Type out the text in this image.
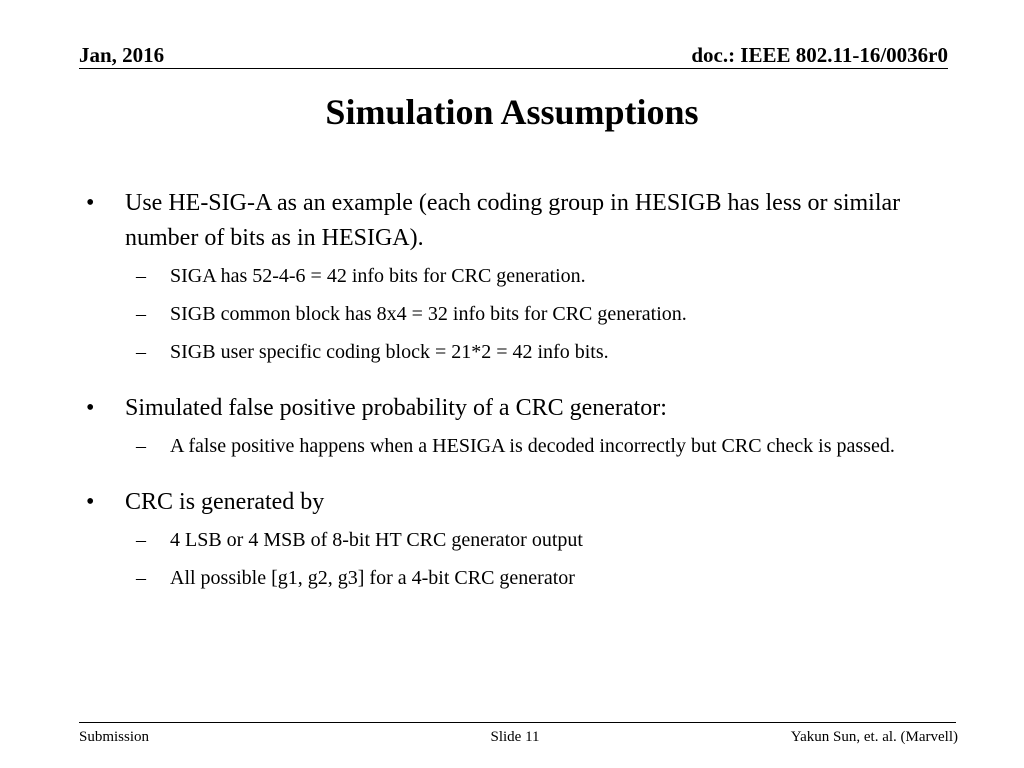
Jan, 2016	doc.: IEEE 802.11-16/0036r0
Simulation Assumptions
• Use HE-SIG-A as an example (each coding group in HESIGB has less or similar number of bits as in HESIGA).
– SIGA has 52-4-6 = 42 info bits for CRC generation.
– SIGB common block has 8x4 = 32 info bits for CRC generation.
– SIGB user specific coding block = 21*2 = 42 info bits.
• Simulated false positive probability of a CRC generator:
– A false positive happens when a HESIGA is decoded incorrectly but CRC check is passed.
• CRC is generated by
– 4 LSB or 4 MSB of 8-bit HT CRC generator output
– All possible [g1, g2, g3] for a 4-bit CRC generator
Submission	Slide 11	Yakun Sun, et. al. (Marvell)
